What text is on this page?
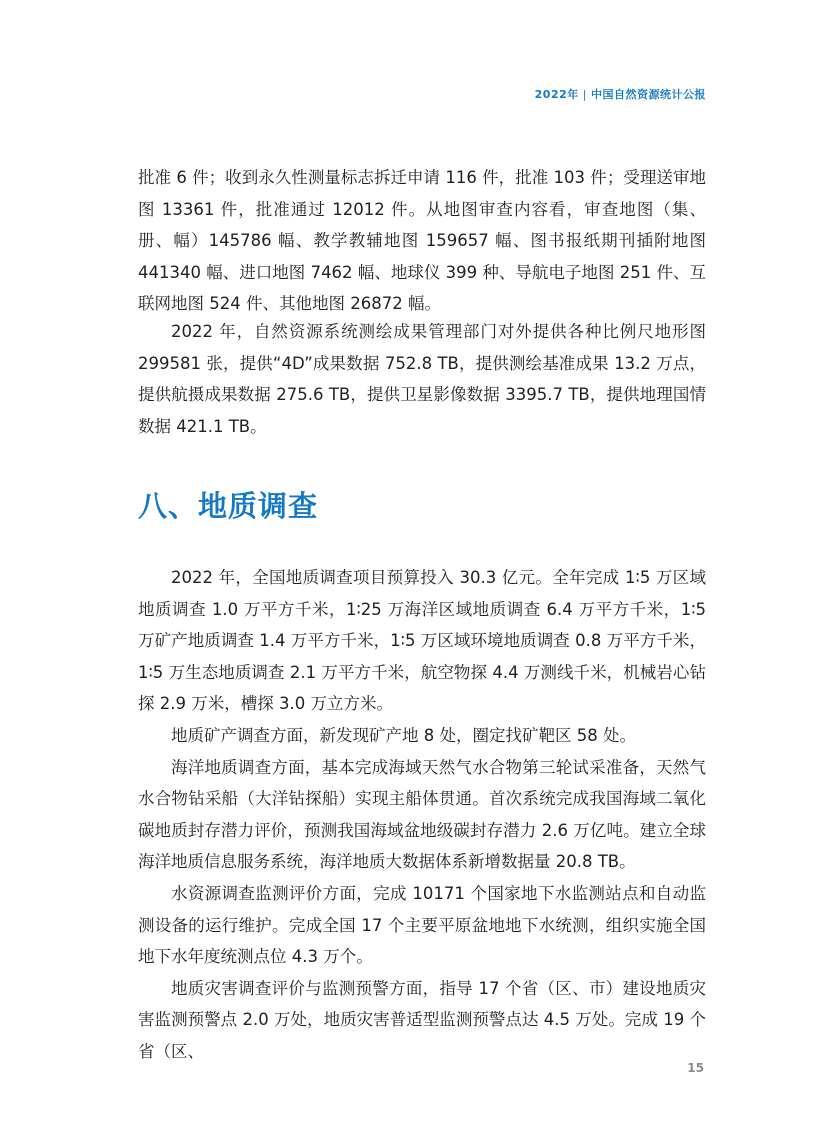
2022年 | 中国自然资源统计公报

批准 6 件；收到永久性测量标志拆迁申请 116 件，批准 103 件；受理送审地图 13361 件，批准通过 12012 件。从地图审查内容看，审查地图（集、册、幅）145786 幅、教学教辅地图 159657 幅、图书报纸期刊插附地图 441340 幅、进口地图 7462 幅、地球仪 399 种、导航电子地图 251 件、互联网地图 524 件、其他地图 26872 幅。

2022 年，自然资源系统测绘成果管理部门对外提供各种比例尺地形图 299581 张，提供“4D”成果数据 752.8 TB，提供测绘基准成果 13.2 万点，提供航摄成果数据 275.6 TB，提供卫星影像数据 3395.7 TB，提供地理国情数据 421.1 TB。

八、地质调查

2022 年，全国地质调查项目预算投入 30.3 亿元。全年完成 1∶5 万区域地质调查 1.0 万平方千米，1∶25 万海洋区域地质调查 6.4 万平方千米，1∶5 万矿产地质调查 1.4 万平方千米，1∶5 万区域环境地质调查 0.8 万平方千米，1∶5 万生态地质调查 2.1 万平方千米，航空物探 4.4 万测线千米，机械岩心钻探 2.9 万米，槽探 3.0 万立方米。

地质矿产调查方面，新发现矿产地 8 处，圈定找矿靶区 58 处。

海洋地质调查方面，基本完成海域天然气水合物第三轮试采准备，天然气水合物钻采船（大洋钻探船）实现主船体贯通。首次系统完成我国海域二氧化碳地质封存潜力评价，预测我国海域盆地级碳封存潜力 2.6 万亿吨。建立全球海洋地质信息服务系统，海洋地质大数据体系新增数据量 20.8 TB。

水资源调查监测评价方面，完成 10171 个国家地下水监测站点和自动监测设备的运行维护。完成全国 17 个主要平原盆地地下水统测，组织实施全国地下水年度统测点位 4.3 万个。

地质灾害调查评价与监测预警方面，指导 17 个省（区、市）建设地质灾害监测预警点 2.0 万处，地质灾害普适型监测预警点达 4.5 万处。完成 19 个省（区、

15
